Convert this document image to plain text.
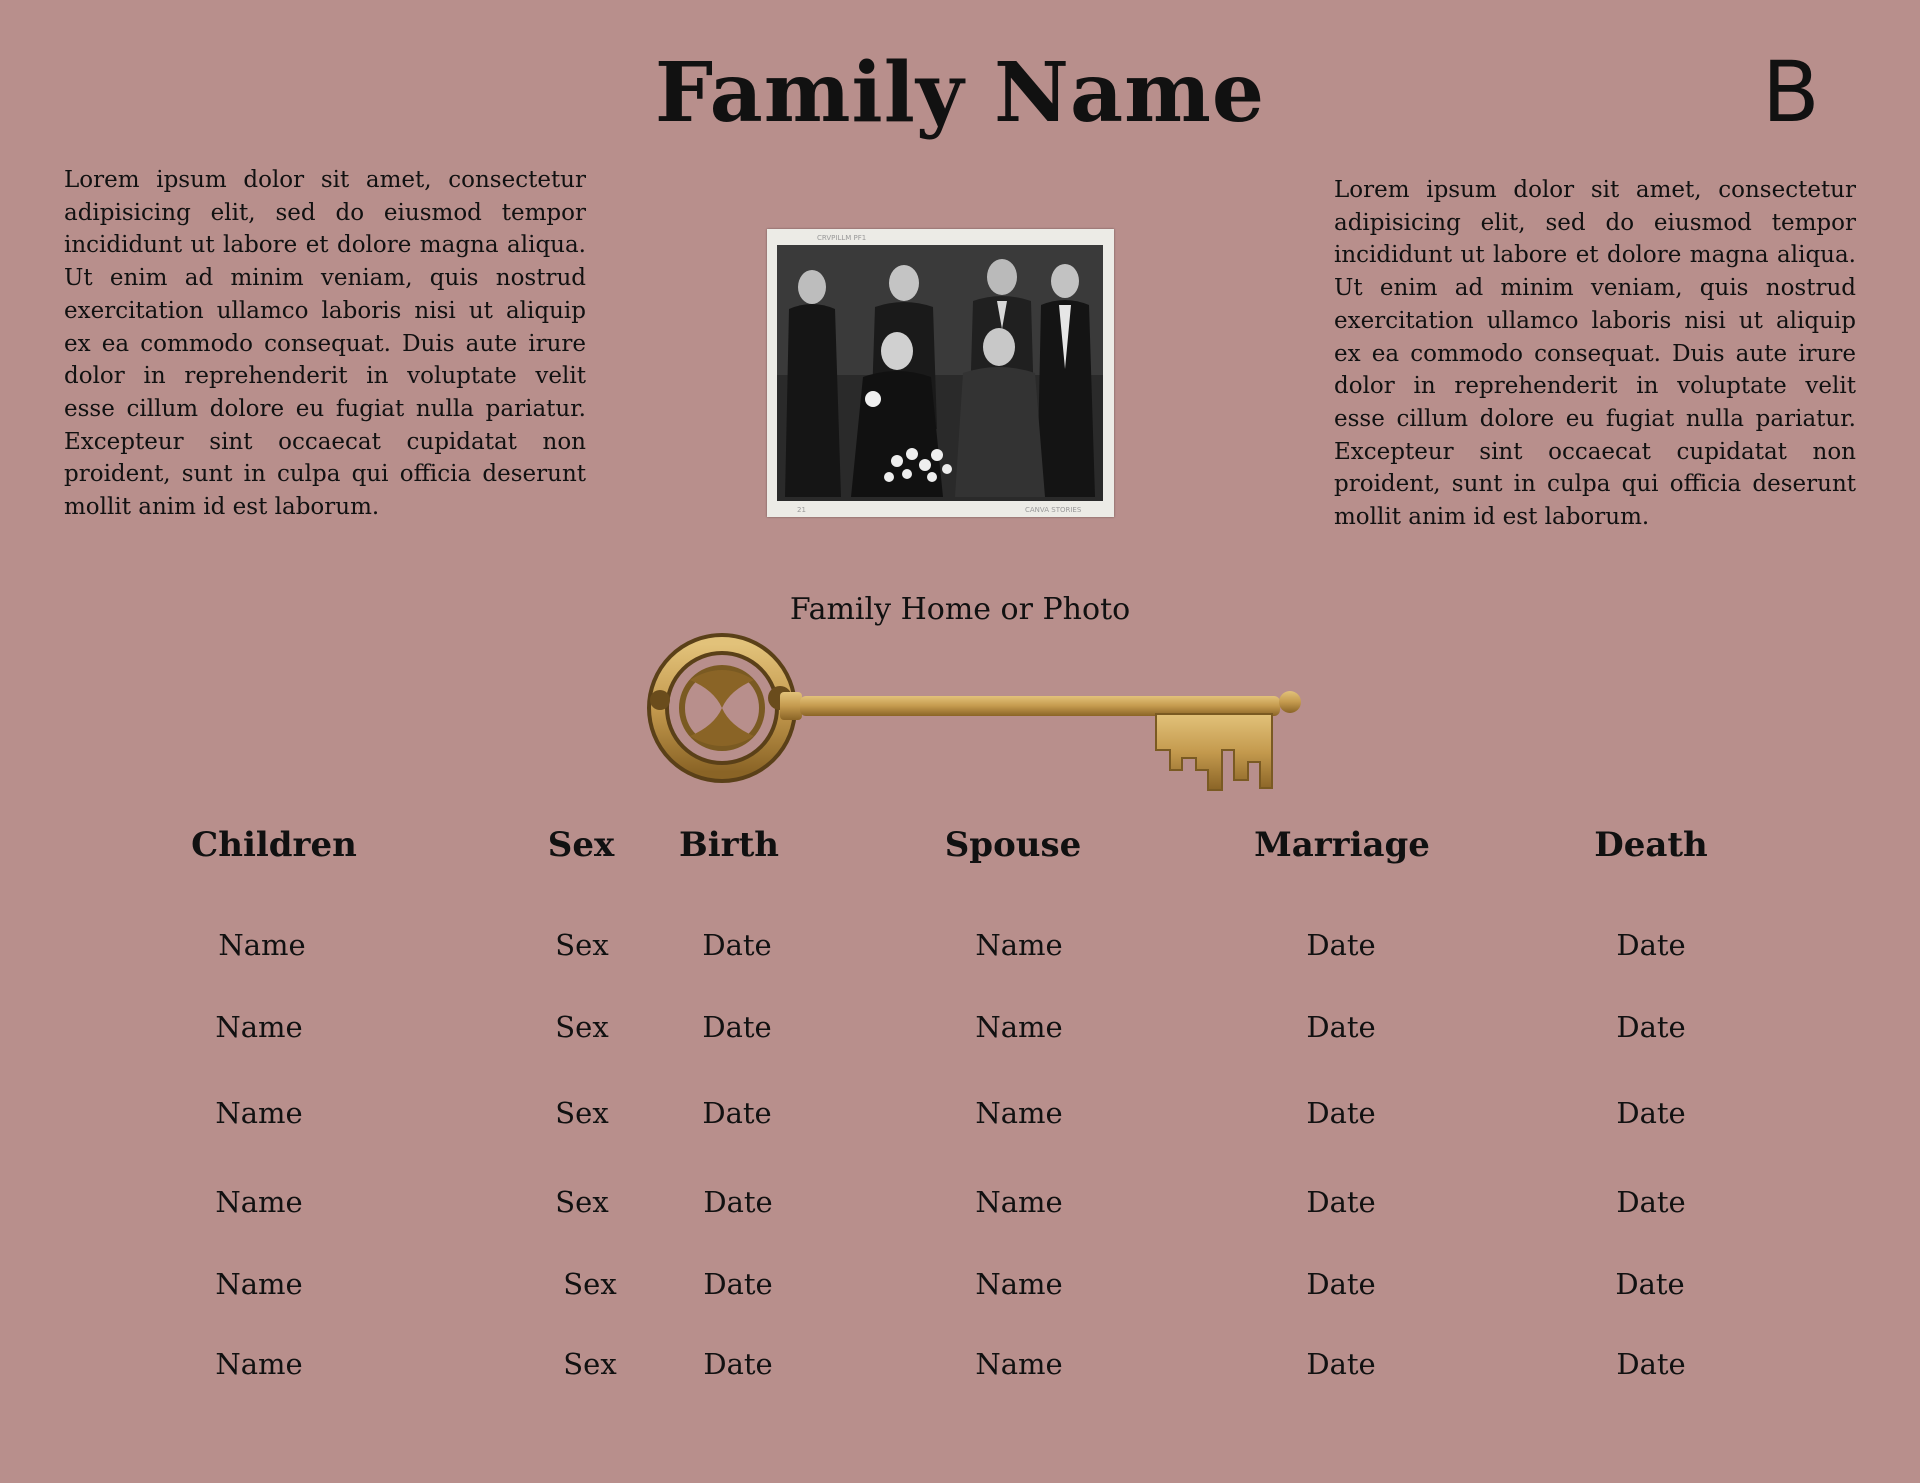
Family Name	B
Lorem ipsum dolor sit amet, consectetur adipisicing elit, sed do eiusmod tempor incididunt ut labore et dolore magna aliqua. Ut enim ad minim veniam, quis nostrud exercitation ullamco laboris nisi ut aliquip ex ea commodo consequat. Duis aute irure dolor in reprehenderit in voluptate velit esse cillum dolore eu fugiat nulla pariatur. Excepteur sint occaecat cupidatat non proident, sunt in culpa qui officia deserunt mollit anim id est laborum.
Lorem ipsum dolor sit amet, consectetur adipisicing elit, sed do eiusmod tempor incididunt ut labore et dolore magna aliqua. Ut enim ad minim veniam, quis nostrud exercitation ullamco laboris nisi ut aliquip ex ea commodo consequat. Duis aute irure dolor in reprehenderit in voluptate velit esse cillum dolore eu fugiat nulla pariatur. Excepteur sint occaecat cupidatat non proident, sunt in culpa qui officia deserunt mollit anim id est laborum.
CRVPILLM PF1
21	CANVA STORIES
Family Home or Photo
Children	Sex	Birth	Spouse	Marriage	Death
Name	Sex	Date	Name	Date	Date
Name	Sex	Date	Name	Date	Date
Name	Sex	Date	Name	Date	Date
Name	Sex	Date	Name	Date	Date
Name	Sex	Date	Name	Date	Date
Name	Sex	Date	Name	Date	Date
